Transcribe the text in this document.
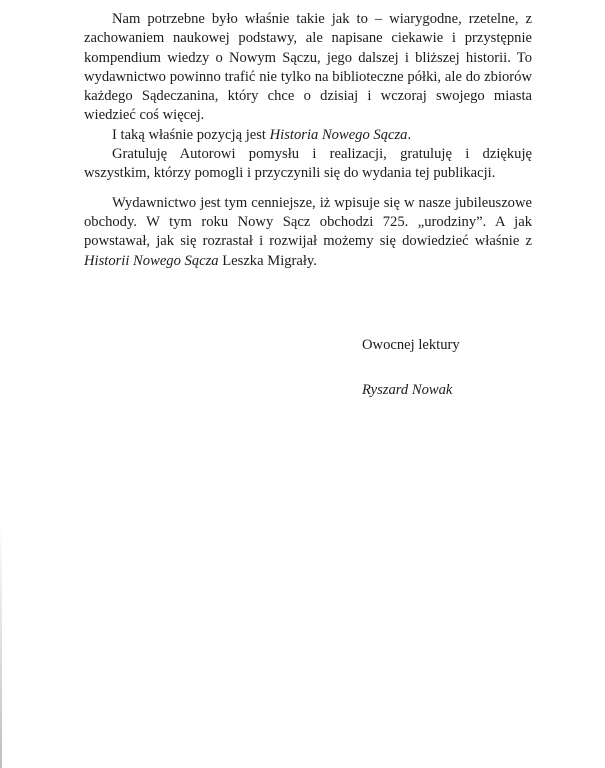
Nam potrzebne było właśnie takie jak to – wiarygodne, rzetelne, z zachowaniem naukowej podstawy, ale napisane ciekawie i przystępnie kompendium wiedzy o Nowym Sączu, jego dalszej i bliższej historii. To wydawnictwo powinno trafić nie tylko na biblioteczne półki, ale do zbiorów każdego Sądeczanina, który chce o dzisiaj i wczoraj swojego miasta wiedzieć coś więcej.

I taką właśnie pozycją jest Historia Nowego Sącza.

Gratuluję Autorowi pomysłu i realizacji, gratuluję i dziękuję wszystkim, którzy pomogli i przyczynili się do wydania tej publikacji.

Wydawnictwo jest tym cenniejsze, iż wpisuje się w nasze jubileuszowe obchody. W tym roku Nowy Sącz obchodzi 725. „urodziny”. A jak powstawał, jak się rozrastał i rozwijał możemy się dowiedzieć właśnie z Historii Nowego Sącza Leszka Migrały.

Owocnej lektury
Ryszard Nowak
